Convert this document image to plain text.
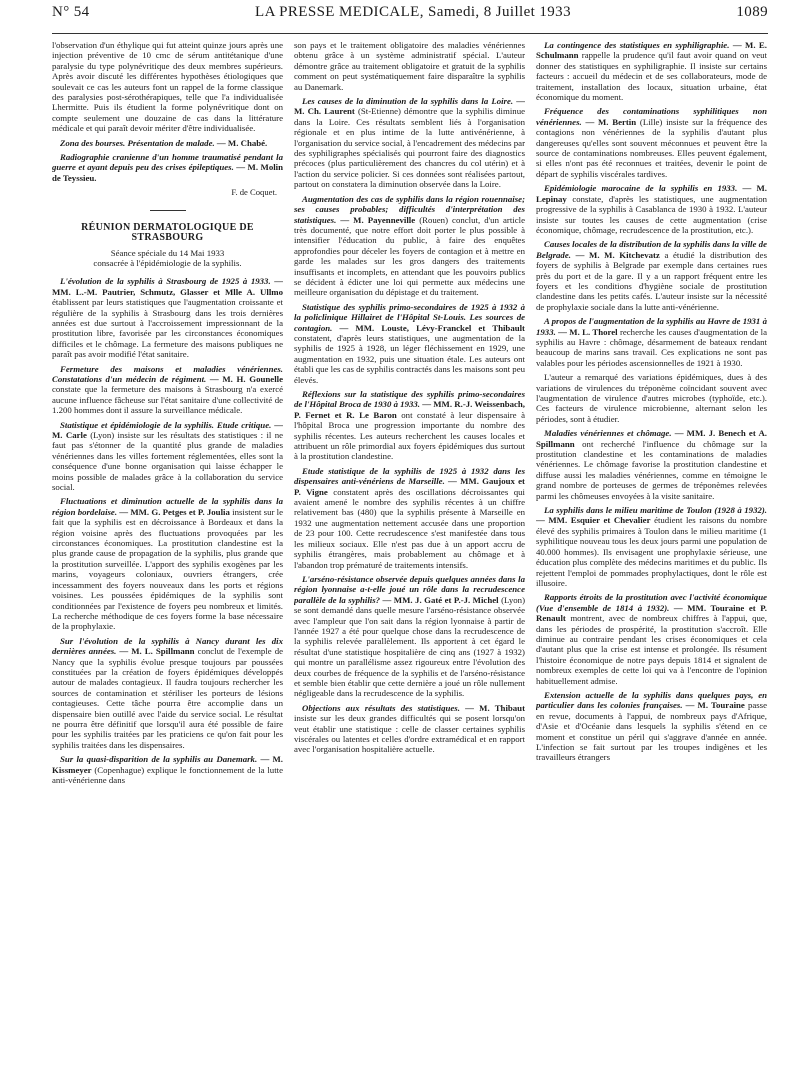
N° 54	LA PRESSE MEDICALE, Samedi, 8 Juillet 1933	1089

l'observation d'un éthylique qui fut atteint quinze jours après une injection préventive de 10 cmc de sérum antitétanique d'une paralysie du type polynévritique des deux membres supérieurs. Après avoir discuté les différentes hypothèses étiologiques que soulevait ce cas les auteurs font un rappel de la forme classique des paralysies post-sérothérapiques, telle que l'a individualisée Lhermitte. Puis ils étudient la forme polynévritique dont on compte seulement une douzaine de cas dans la littérature médicale et qui paraît devoir mériter d'être individualisée.

Zona des bourses. Présentation de malade. — M. Chabé.

Radiographie cranienne d'un homme traumatisé pendant la guerre et ayant depuis peu des crises épileptiques. — M. Molin de Teyssieu.

F. de Coquet.
RÉUNION DERMATOLOGIQUE DE STRASBOURG
Séance spéciale du 14 Mai 1933
consacrée à l'épidémiologie de la syphilis.

L'évolution de la syphilis à Strasbourg de 1925 à 1933. — MM. L.-M. Pautrier, Schmutz, Glasser et Mlle A. Ullmo établissent par leurs statistiques que l'augmentation croissante et régulière de la syphilis à Strasbourg dans les trois dernières années est due surtout à l'accroissement impressionnant de la prostitution libre, favorisée par les circonstances économiques difficiles et le chômage. La fermeture des maisons publiques ne paraît pas avoir modifié l'état sanitaire.

Fermeture des maisons et maladies vénériennes. Constatations d'un médecin de régiment. — M. H. Gounelle constate que la fermeture des maisons à Strasbourg n'a exercé aucune influence fâcheuse sur l'état sanitaire d'une collectivité de 1.200 hommes dont il assure la surveillance médicale.

Statistique et épidémiologie de la syphilis. Etude critique. — M. Carle (Lyon) insiste sur les résultats des statistiques : il ne faut pas s'étonner de la quantité plus grande de maladies vénériennes dans les villes fortement réglementées, elles sont la conséquence d'une bonne organisation qui laisse échapper le moins possible de malades grâce à la collaboration du service social.

Fluctuations et diminution actuelle de la syphilis dans la région bordelaise. — MM. G. Petges et P. Joulia insistent sur le fait que la syphilis est en décroissance à Bordeaux et dans la région voisine après des fluctuations provoquées par les circonstances économiques. La prostitution clandestine est la plus grande cause de propagation de la syphilis, plus grande que la prostitution surveillée. L'apport des syphilis exogènes par les marins, voyageurs coloniaux, ouvriers étrangers, crée incessamment des foyers nouveaux dans les ports et régions voisines. Les poussées épidémiques de la syphilis sont conditionnées par l'existence de foyers peu nombreux et limités. La recherche méthodique de ces foyers forme la base nécessaire de la prophylaxie.

Sur l'évolution de la syphilis à Nancy durant les dix dernières années. — M. L. Spillmann conclut de l'exemple de Nancy que la syphilis évolue presque toujours par poussées constituées par la création de foyers épidémiques développés autour de malades contagieux. Il faudra toujours rechercher les sources de contamination et stériliser les porteurs de lésions contagieuses. Cette tâche pourra être accomplie dans un dispensaire bien outillé avec l'aide du service social. Le résultat ne pourra être définitif que lorsqu'il aura été possible de faire pour les syphilis traitées par les praticiens ce qu'on fait pour les syphilis traitées dans les dispensaires.

Sur la quasi-disparition de la syphilis au Danemark. — M. Kissmeyer (Copenhague) explique le fonctionnement de la lutte anti-vénérienne dans

son pays et le traitement obligatoire des maladies vénériennes obtenu grâce à un système administratif spécial. L'auteur démontre grâce au traitement obligatoire et gratuit de la syphilis comment on peut systématiquement faire disparaître la syphilis au Danemark.

Les causes de la diminution de la syphilis dans la Loire. — M. Ch. Laurent (St-Etienne) démontre que la syphilis diminue dans la Loire. Ces résultats semblent liés à l'organisation régionale et en plus intime de la lutte antivénérienne, à l'organisation du service social, à l'encadrement des médecins par des syphiligraphes spécialisés qui pourront faire des diagnostics précoces (plus particulièrement des chancres du col utérin) et à l'action du service policier. Si ces données sont réalisées partout, partout on constatera la diminution observée dans la Loire.

Augmentation des cas de syphilis dans la région rouennaise; ses causes probables; difficultés d'interprétation des statistiques. — M. Payenneville (Rouen) conclut, d'un article très documenté, que notre effort doit porter le plus possible à intensifier l'éducation du public, à faire des enquêtes approfondies pour déceler les foyers de contagion et à mettre en garde les malades sur les gros dangers des traitements insuffisants et incomplets, en attendant que les pouvoirs publics se décident à édicter une loi qui permette aux médecins une meilleure organisation du dépistage et du traitement.

Statistique des syphilis primo-secondaires de 1925 à 1932 à la policlinique Hillairet de l'Hôpital St-Louis. Les sources de contagion. — MM. Louste, Lévy-Franckel et Thibault constatent, d'après leurs statistiques, une augmentation de la syphilis de 1925 à 1928, un léger fléchissement en 1929, une augmentation en 1932, puis une situation étale. Les auteurs ont établi que les cas de syphilis contractés dans les maisons sont peu élevés.

Réflexions sur la statistique des syphilis primo-secondaires de l'Hôpital Broca de 1930 à 1933. — MM. R.-J. Weissenbach, P. Fernet et R. Le Baron ont constaté à leur dispensaire à l'hôpital Broca une progression importante du nombre des syphilis récentes. Les auteurs recherchent les causes locales et attribuent un rôle primordial aux foyers épidémiques dus surtout à la prostitution clandestine.

Etude statistique de la syphilis de 1925 à 1932 dans les dispensaires anti-vénériens de Marseille. — MM. Gaujoux et P. Vigne constatent après des oscillations décroissantes qui avaient amené le nombre des syphilis récentes à un chiffre relativement bas (480) que la syphilis présente à Marseille en 1932 une augmentation nettement accusée dans une proportion de 23 pour 100. Cette recrudescence s'est manifestée dans tous les milieux sociaux. Elle n'est pas due à un apport accru de syphilis étrangères, mais probablement au chômage et à l'abandon trop prématuré de traitements intensifs.

L'arséno-résistance observée depuis quelques années dans la région lyonnaise a-t-elle joué un rôle dans la recrudescence parallèle de la syphilis? — MM. J. Gaté et P.-J. Michel (Lyon) se sont demandé dans quelle mesure l'arséno-résistance observée avec l'ampleur que l'on sait dans la région lyonnaise à partir de l'année 1927 a été pour quelque chose dans la recrudescence de la syphilis relevée parallèlement. Ils apportent à cet égard le résultat d'une statistique hospitalière de cinq ans (1927 à 1932) qui montre un parallélisme assez rigoureux entre l'évolution des deux courbes de fréquence de la syphilis et de l'arséno-résistance et semble bien établir que cette dernière a joué un rôle nullement négligeable dans la recrudescence de la syphilis.

Objections aux résultats des statistiques. — M. Thibaut insiste sur les deux grandes difficultés qui se posent lorsqu'on veut établir une statistique : celle de classer certaines syphilis viscérales ou latentes et celles d'ordre extramédical et en rapport avec l'organisation hospitalière actuelle.

La contingence des statistiques en syphiligraphie. — M. E. Schulmann rappelle la prudence qu'il faut avoir quand on veut donner des statistiques en syphiligraphie. Il insiste sur certains facteurs : accueil du médecin et de ses collaborateurs, mode de traitement, installation des locaux, situation urbaine, état économique du moment.

Fréquence des contaminations syphilitiques non vénériennes. — M. Bertin (Lille) insiste sur la fréquence des contagions non vénériennes de la syphilis d'autant plus dangereuses qu'elles sont souvent méconnues et peuvent être la source de contaminations nombreuses. Elles peuvent également, si elles n'ont pas été reconnues et traitées, devenir le point de départ de syphilis viscérales tardives.

Epidémiologie marocaine de la syphilis en 1933. — M. Lepinay constate, d'après les statistiques, une augmentation progressive de la syphilis à Casablanca de 1930 à 1932. L'auteur insiste sur toutes les causes de cette augmentation (crise économique, chômage, recrudescence de la prostitution, etc.).

Causes locales de la distribution de la syphilis dans la ville de Belgrade. — M. M. Kitchevatz a étudié la distribution des foyers de syphilis à Belgrade par exemple dans certaines rues près du port et de la gare. Il y a un rapport fréquent entre les foyers et les conditions d'hygiène sociale de prostitution clandestine dans les petits cafés. L'auteur insiste sur la nécessité de prophylaxie sociale dans la lutte anti-vénérienne.

A propos de l'augmentation de la syphilis au Havre de 1931 à 1933. — M. L. Thorel recherche les causes d'augmentation de la syphilis au Havre : chômage, désarmement de bateaux rendant beaucoup de marins sans travail. Ces explications ne sont pas valables pour les périodes ascensionnelles de 1921 à 1930.

L'auteur a remarqué des variations épidémiques, dues à des variations de virulences du tréponème coïncidant souvent avec l'augmentation de virulence d'autres microbes (typhoïde, etc.). Ces facteurs de virulence microbienne, alternant selon les périodes, sont à étudier.

Maladies vénériennes et chômage. — MM. J. Benech et A. Spillmann ont recherché l'influence du chômage sur la prostitution clandestine et les contaminations de maladies vénériennes. Le chômage favorise la prostitution clandestine et diffuse aussi les maladies vénériennes, comme en témoigne le grand nombre de porteuses de germes de tréponèmes relevées parmi les chômeuses envoyées à la visite sanitaire.

La syphilis dans le milieu maritime de Toulon (1928 à 1932). — MM. Esquier et Chevalier étudient les raisons du nombre élevé des syphilis primaires à Toulon dans le milieu maritime (1 syphilitique nouveau tous les deux jours parmi une population de 40.000 hommes). Ils envisagent une prophylaxie sérieuse, une éducation plus complète des médecins maritimes et du public. Ils rejettent l'emploi de pommades prophylactiques, dont le rôle est illusoire.

Rapports étroits de la prostitution avec l'activité économique (Vue d'ensemble de 1814 à 1932). — MM. Touraine et P. Renault montrent, avec de nombreux chiffres à l'appui, que, dans les périodes de prospérité, la prostitution s'accroît. Elle diminue au contraire pendant les crises économiques et cela d'autant plus que la crise est intense et prolongée. Ils résument l'histoire économique de notre pays depuis 1814 et signalent de nombreux exemples de cette loi qui va à l'encontre de l'opinion habituellement admise.

Extension actuelle de la syphilis dans quelques pays, en particulier dans les colonies françaises. — M. Touraine passe en revue, documents à l'appui, de nombreux pays d'Afrique, d'Asie et d'Océanie dans lesquels la syphilis s'étend en ce moment et constitue un péril qui s'aggrave d'année en année. L'infection se fait surtout par les troupes indigènes et les travailleurs étrangers
